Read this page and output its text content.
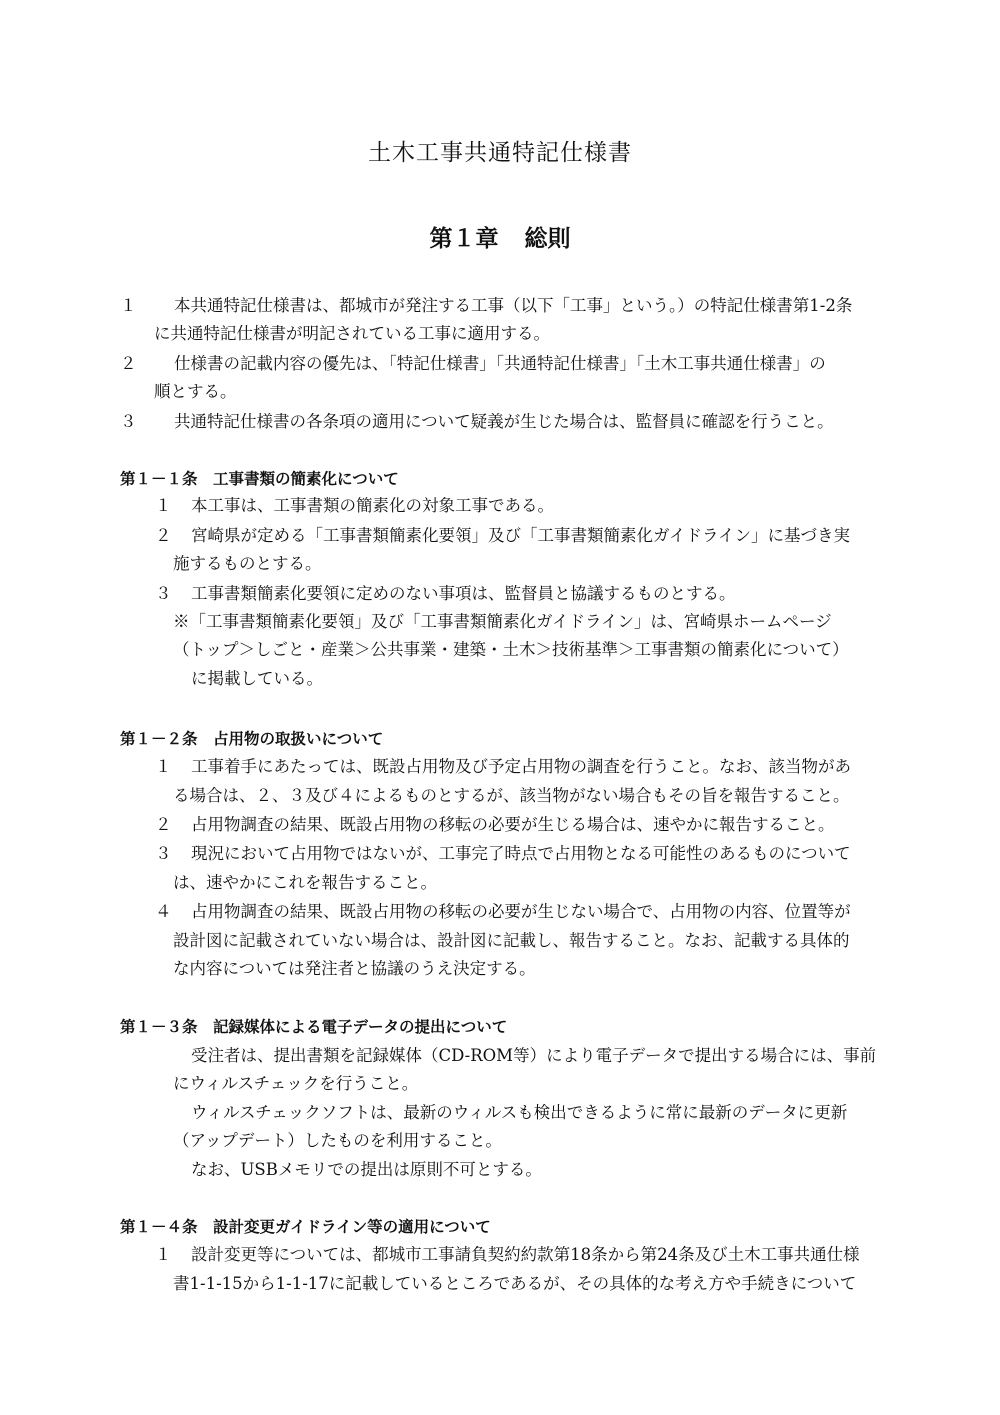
土木工事共通特記仕様書
第１章 総則
１ 本共通特記仕様書は、都城市が発注する工事（以下「工事」という。）の特記仕様書第1-2条
に共通特記仕様書が明記されている工事に適用する。
２ 仕様書の記載内容の優先は、「特記仕様書」「共通特記仕様書」「土木工事共通仕様書」の
順とする。
３ 共通特記仕様書の各条項の適用について疑義が生じた場合は、監督員に確認を行うこと。
第１－１条　工事書類の簡素化について
１ 本工事は、工事書類の簡素化の対象工事である。
２ 宮崎県が定める「工事書類簡素化要領」及び「工事書類簡素化ガイドライン」に基づき実
施するものとする。
３ 工事書類簡素化要領に定めのない事項は、監督員と協議するものとする。
※「工事書類簡素化要領」及び「工事書類簡素化ガイドライン」は、宮崎県ホームページ
（トップ＞しごと・産業＞公共事業・建築・土木＞技術基準＞工事書類の簡素化について）
に掲載している。
第１－２条　占用物の取扱いについて
１ 工事着手にあたっては、既設占用物及び予定占用物の調査を行うこと。なお、該当物があ
る場合は、２、３及び４によるものとするが、該当物がない場合もその旨を報告すること。
２ 占用物調査の結果、既設占用物の移転の必要が生じる場合は、速やかに報告すること。
３ 現況において占用物ではないが、工事完了時点で占用物となる可能性のあるものについて
は、速やかにこれを報告すること。
４ 占用物調査の結果、既設占用物の移転の必要が生じない場合で、占用物の内容、位置等が
設計図に記載されていない場合は、設計図に記載し、報告すること。なお、記載する具体的
な内容については発注者と協議のうえ決定する。
第１－３条　記録媒体による電子データの提出について
受注者は、提出書類を記録媒体（CD-ROM等）により電子データで提出する場合には、事前
にウィルスチェックを行うこと。
ウィルスチェックソフトは、最新のウィルスも検出できるように常に最新のデータに更新
（アップデート）したものを利用すること。
なお、USBメモリでの提出は原則不可とする。
第１－４条　設計変更ガイドライン等の適用について
１ 設計変更等については、都城市工事請負契約約款第18条から第24条及び土木工事共通仕様
書1-1-15から1-1-17に記載しているところであるが、その具体的な考え方や手続きについて
